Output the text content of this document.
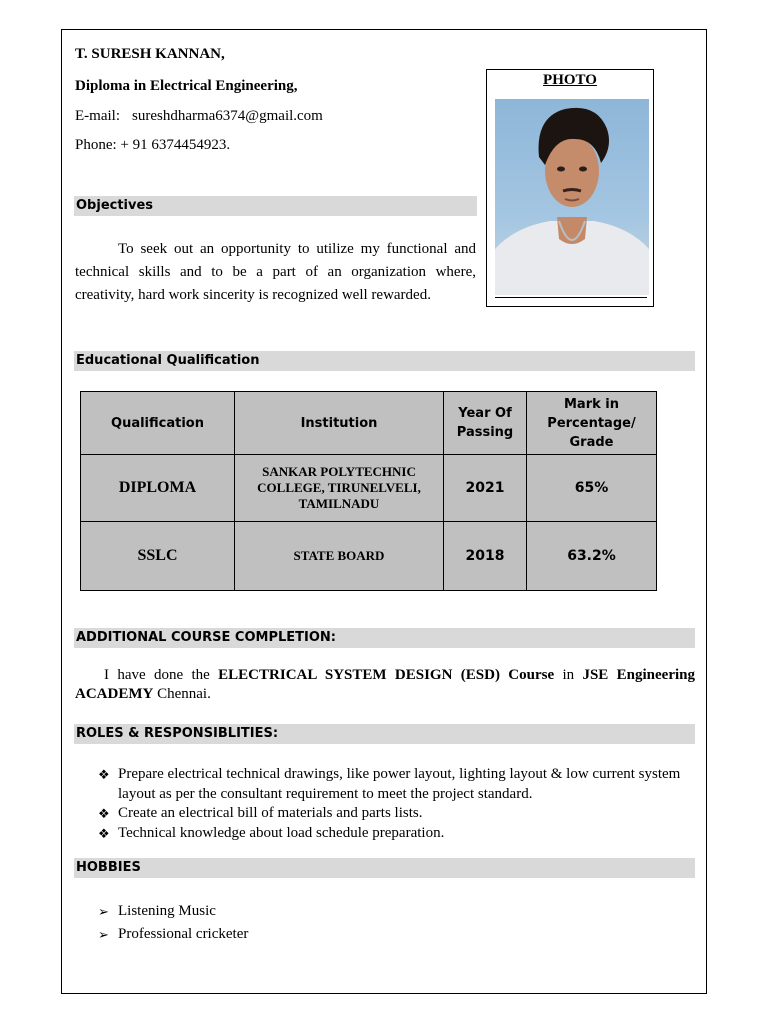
T. SURESH KANNAN,
Diploma in Electrical Engineering,
E-mail: sureshdharma6374@gmail.com
Phone: + 91 6374454923.
PHOTO
Objectives
To seek out an opportunity to utilize my functional and technical skills and to be a part of an organization where, creativity, hard work sincerity is recognized well rewarded.
Educational Qualification
Qualification	Institution	Year Of Passing	Mark in Percentage/ Grade
DIPLOMA	SANKAR POLYTECHNIC COLLEGE, TIRUNELVELI, TAMILNADU	2021	65%
SSLC	STATE BOARD	2018	63.2%
ADDITIONAL COURSE COMPLETION:
I have done the ELECTRICAL SYSTEM DESIGN (ESD) Course in JSE Engineering ACADEMY Chennai.
ROLES & RESPONSIBLITIES:
❖ Prepare electrical technical drawings, like power layout, lighting layout & low current system layout as per the consultant requirement to meet the project standard.
❖ Create an electrical bill of materials and parts lists.
❖ Technical knowledge about load schedule preparation.
HOBBIES
➢ Listening Music
➢ Professional cricketer
